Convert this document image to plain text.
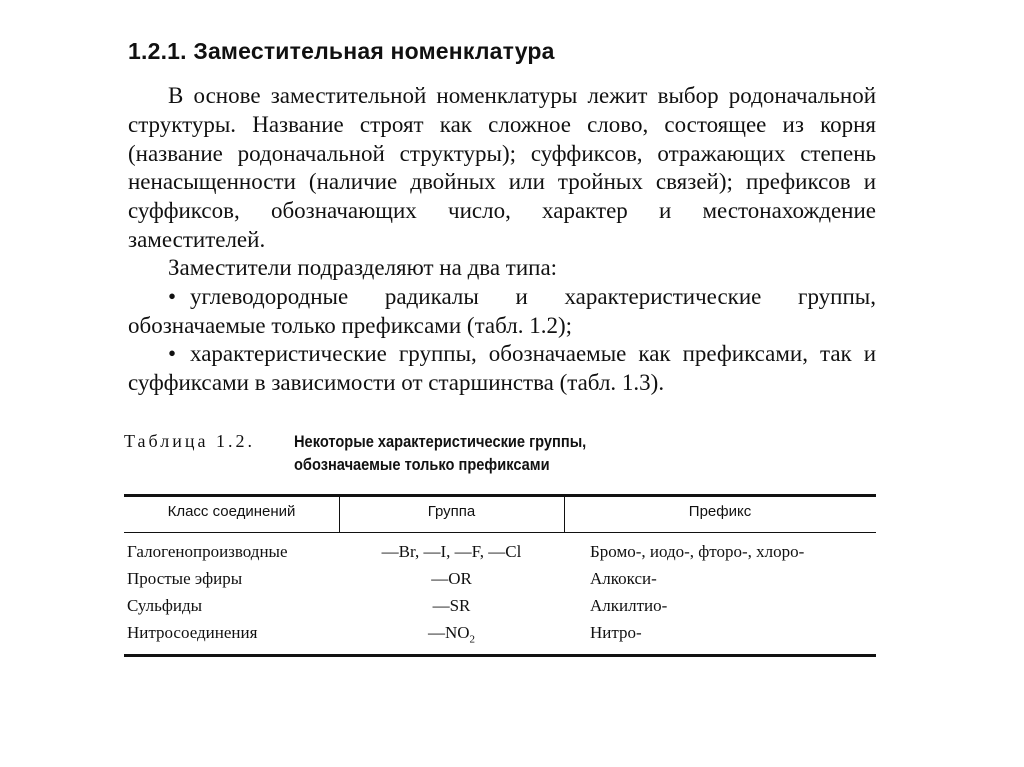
1.2.1. Заместительная номенклатура

В основе заместительной номенклатуры лежит выбор родоначальной структуры. Название строят как сложное слово, состоящее из корня (название родоначальной структуры); суффиксов, отражающих степень ненасыщенности (наличие двойных или тройных связей); префиксов и суффиксов, обозначающих число, характер и местонахождение заместителей.

Заместители подразделяют на два типа:

• углеводородные радикалы и характеристические группы, обозначаемые только префиксами (табл. 1.2);

• характеристические группы, обозначаемые как префиксами, так и суффиксами в зависимости от старшинства (табл. 1.3).

Таблица 1.2. Некоторые характеристические группы,
обозначаемые только префиксами
Класс соединений	Группа	Префикс
Галогенопроизводные	—Br, —I, —F, —Cl	Бромо-, иодо-, фторо-, хлоро-
Простые эфиры	—OR	Алкокси-
Сульфиды	—SR	Алкилтио-
Нитросоединения	$—NO_2$	Нитро-
